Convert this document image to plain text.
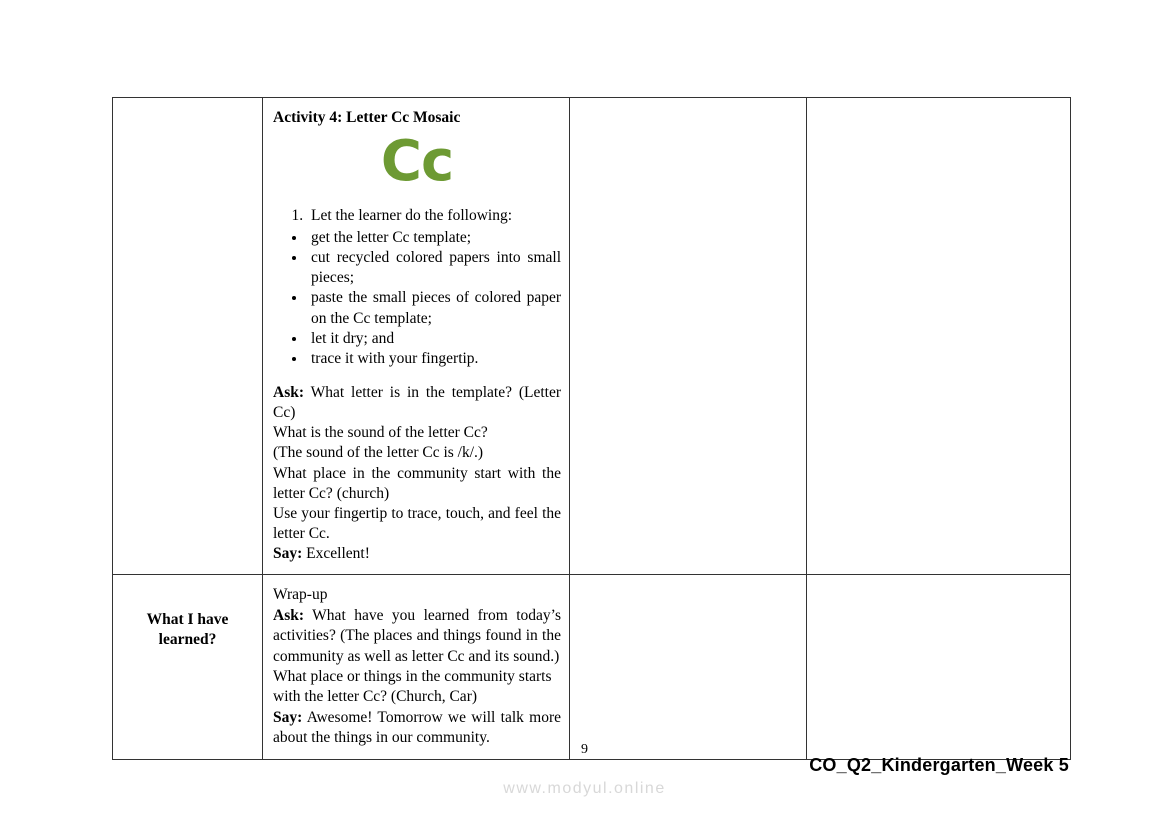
Activity 4: Letter Cc Mosaic

Cc
1. Let the learner do the following:
• get the letter Cc template;
• cut recycled colored papers into small pieces;
• paste the small pieces of colored paper on the Cc template;
• let it dry; and
• trace it with your fingertip.

Ask: What letter is in the template? (Letter Cc)

What is the sound of the letter Cc?

(The sound of the letter Cc is /k/.)

What place in the community start with the letter Cc? (church)

Use your fingertip to trace, touch, and feel the letter Cc.

Say: Excellent!

What I have learned?	Wrap-up

Ask: What have you learned from today’s activities? (The places and things found in the community as well as letter Cc and its sound.)

What place or things in the community starts with the letter Cc? (Church, Car)

Say: Awesome! Tomorrow we will talk more about the things in our community.		

9
CO_Q2_Kindergarten_Week 5
www.modyul.online
